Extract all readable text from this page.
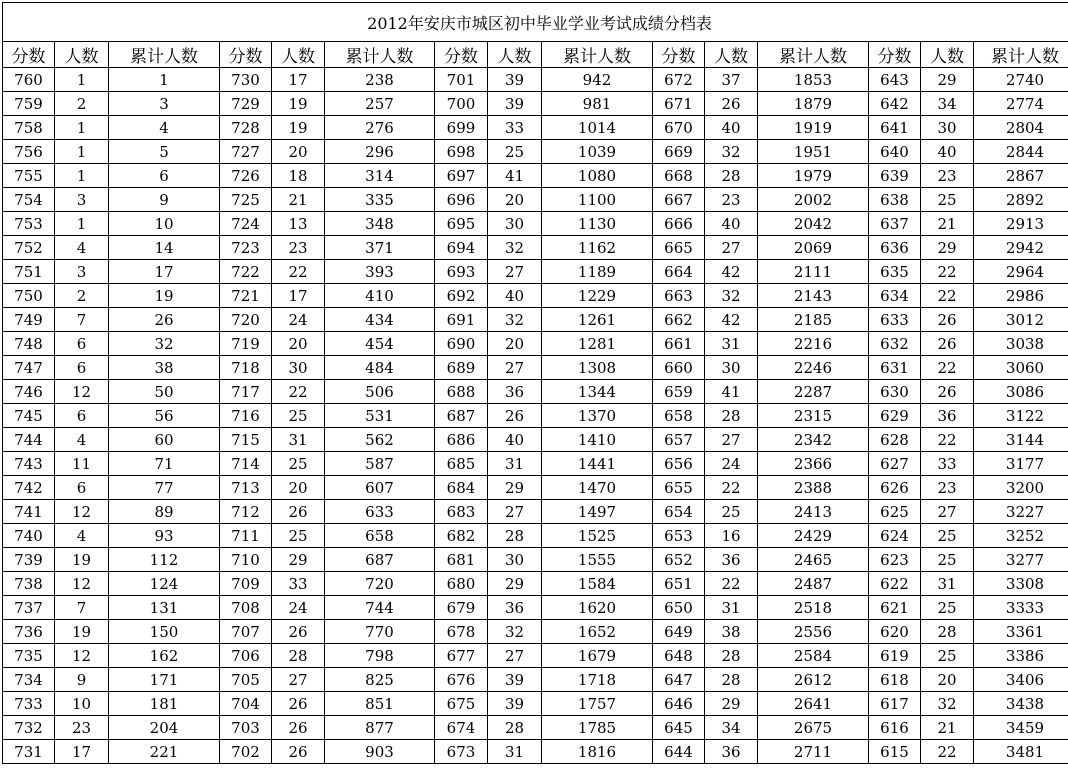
2012年安庆市城区初中毕业学业考试成绩分档表														
分数	人数	累计人数	分数	人数	累计人数	分数	人数	累计人数	分数	人数	累计人数	分数	人数	累计人数
760	1	1	730	17	238	701	39	942	672	37	1853	643	29	2740
759	2	3	729	19	257	700	39	981	671	26	1879	642	34	2774
758	1	4	728	19	276	699	33	1014	670	40	1919	641	30	2804
756	1	5	727	20	296	698	25	1039	669	32	1951	640	40	2844
755	1	6	726	18	314	697	41	1080	668	28	1979	639	23	2867
754	3	9	725	21	335	696	20	1100	667	23	2002	638	25	2892
753	1	10	724	13	348	695	30	1130	666	40	2042	637	21	2913
752	4	14	723	23	371	694	32	1162	665	27	2069	636	29	2942
751	3	17	722	22	393	693	27	1189	664	42	2111	635	22	2964
750	2	19	721	17	410	692	40	1229	663	32	2143	634	22	2986
749	7	26	720	24	434	691	32	1261	662	42	2185	633	26	3012
748	6	32	719	20	454	690	20	1281	661	31	2216	632	26	3038
747	6	38	718	30	484	689	27	1308	660	30	2246	631	22	3060
746	12	50	717	22	506	688	36	1344	659	41	2287	630	26	3086
745	6	56	716	25	531	687	26	1370	658	28	2315	629	36	3122
744	4	60	715	31	562	686	40	1410	657	27	2342	628	22	3144
743	11	71	714	25	587	685	31	1441	656	24	2366	627	33	3177
742	6	77	713	20	607	684	29	1470	655	22	2388	626	23	3200
741	12	89	712	26	633	683	27	1497	654	25	2413	625	27	3227
740	4	93	711	25	658	682	28	1525	653	16	2429	624	25	3252
739	19	112	710	29	687	681	30	1555	652	36	2465	623	25	3277
738	12	124	709	33	720	680	29	1584	651	22	2487	622	31	3308
737	7	131	708	24	744	679	36	1620	650	31	2518	621	25	3333
736	19	150	707	26	770	678	32	1652	649	38	2556	620	28	3361
735	12	162	706	28	798	677	27	1679	648	28	2584	619	25	3386
734	9	171	705	27	825	676	39	1718	647	28	2612	618	20	3406
733	10	181	704	26	851	675	39	1757	646	29	2641	617	32	3438
732	23	204	703	26	877	674	28	1785	645	34	2675	616	21	3459
731	17	221	702	26	903	673	31	1816	644	36	2711	615	22	3481
